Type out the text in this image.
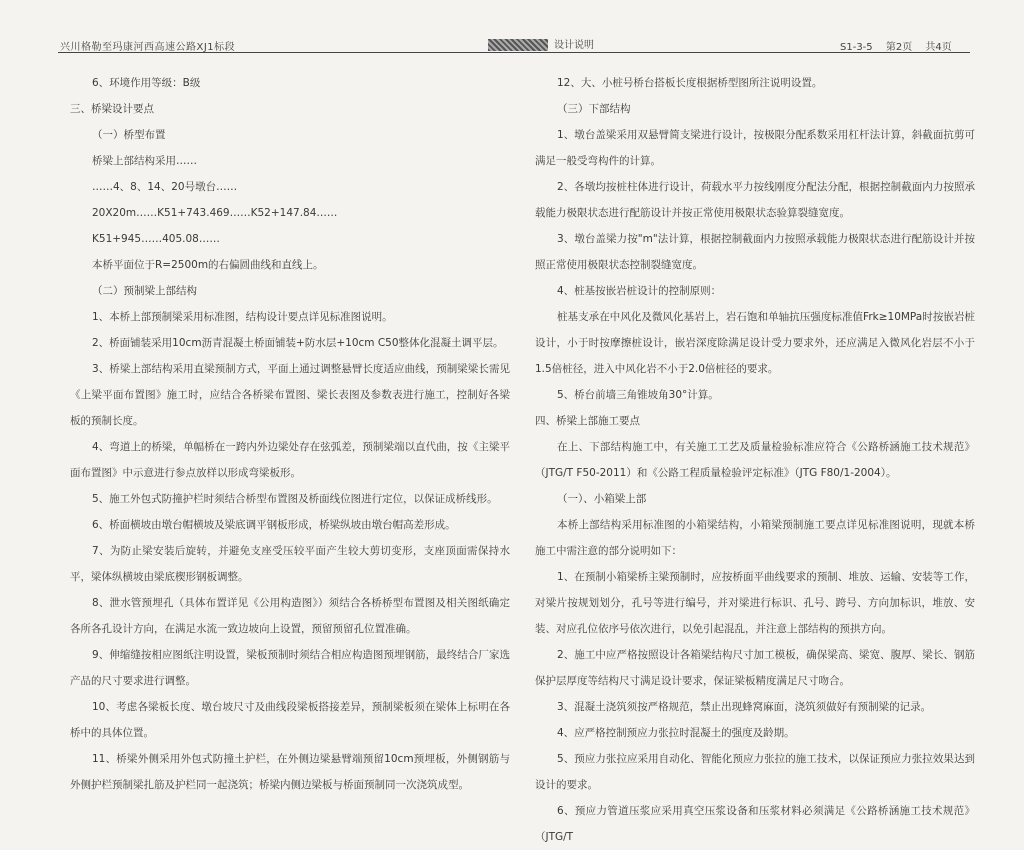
兴川格勒至玛康河西高速公路XJ1标段	设计说明	S1-3-5 第2页 共4页

6、环境作用等级：B级

三、桥梁设计要点

（一）桥型布置

桥梁上部结构采用……

……4、8、14、20号墩台……

20X20m……K51+743.469……K52+147.84……

K51+945……405.08……

本桥平面位于R=2500m的右偏圆曲线和直线上。

（二）预制梁上部结构

1、本桥上部预制梁采用标准图，结构设计要点详见标准图说明。

2、桥面铺装采用10cm沥青混凝土桥面铺装+防水层+10cm C50整体化混凝土调平层。

3、桥梁上部结构采用直梁预制方式，平面上通过调整悬臂长度适应曲线，预制梁梁长需见《上梁平面布置图》施工时，应结合各桥梁布置图、梁长表图及参数表进行施工，控制好各梁板的预制长度。

4、弯道上的桥梁，单幅桥在一跨内外边梁处存在弦弧差，预制梁端以直代曲，按《主梁平面布置图》中示意进行参点放样以形成弯梁板形。

5、施工外包式防撞护栏时须结合桥型布置图及桥面线位图进行定位，以保证成桥线形。

6、桥面横坡由墩台帽横坡及梁底调平钢板形成，桥梁纵坡由墩台帽高差形成。

7、为防止梁安装后旋转，并避免支座受压较平面产生较大剪切变形，支座顶面需保持水平，梁体纵横坡由梁底楔形钢板调整。

8、泄水管预埋孔（具体布置详见《公用构造图》）须结合各桥桥型布置图及相关图纸确定各所各孔设计方向，在满足水流一致边坡向上设置，预留预留孔位置准确。

9、伸缩缝按相应图纸注明设置，梁板预制时须结合相应构造图预埋钢筋，最终结合厂家选产品的尺寸要求进行调整。

10、考虑各梁板长度、墩台坡尺寸及曲线段梁板搭接差异，预制梁板须在梁体上标明在各桥中的具体位置。

11、桥梁外侧采用外包式防撞土护栏，在外侧边梁悬臂端预留10cm预埋板，外侧钢筋与外侧护栏预制梁扎筋及护栏同一起浇筑；桥梁内侧边梁板与桥面预制同一次浇筑成型。

12、大、小桩号桥台搭板长度根据桥型图所注说明设置。

（三）下部结构

1、墩台盖梁采用双悬臂简支梁进行设计，按极限分配系数采用杠杆法计算，斜截面抗剪可满足一般受弯构件的计算。

2、各墩均按桩柱体进行设计，荷载水平力按线刚度分配法分配，根据控制截面内力按照承载能力极限状态进行配筋设计并按正常使用极限状态验算裂缝宽度。

3、墩台盖梁力按"m"法计算，根据控制截面内力按照承载能力极限状态进行配筋设计并按照正常使用极限状态控制裂缝宽度。

4、桩基按嵌岩桩设计的控制原则：

桩基支承在中风化及微风化基岩上，岩石饱和单轴抗压强度标准值Frk≥10MPa时按嵌岩桩设计，小于时按摩擦桩设计，嵌岩深度除满足设计受力要求外，还应满足入微风化岩层不小于1.5倍桩径，进入中风化岩不小于2.0倍桩径的要求。

5、桥台前墙三角锥坡角30°计算。

四、桥梁上部施工要点

在上、下部结构施工中，有关施工工艺及质量检验标准应符合《公路桥涵施工技术规范》（JTG/T F50-2011）和《公路工程质量检验评定标准》（JTG F80/1-2004）。

（一）、小箱梁上部

本桥上部结构采用标准图的小箱梁结构，小箱梁预制施工要点详见标准图说明，现就本桥施工中需注意的部分说明如下：

1、在预制小箱梁桥主梁预制时，应按桥面平曲线要求的预制、堆放、运输、安装等工作，对梁片按规划划分，孔号等进行编号，并对梁进行标识、孔号、跨号、方向加标识，堆放、安装、对应孔位依序号依次进行，以免引起混乱，并注意上部结构的预拱方向。

2、施工中应严格按照设计各箱梁结构尺寸加工模板，确保梁高、梁宽、腹厚、梁长、钢筋保护层厚度等结构尺寸满足设计要求，保证梁板精度满足尺寸吻合。

3、混凝土浇筑须按严格规范，禁止出现蜂窝麻面，浇筑须做好有预制梁的记录。

4、应严格控制预应力张拉时混凝土的强度及龄期。

5、预应力张拉应采用自动化、智能化预应力张拉的施工技术，以保证预应力张拉效果达到设计的要求。

6、预应力管道压浆应采用真空压浆设备和压浆材料必须满足《公路桥涵施工技术规范》（JTG/T
